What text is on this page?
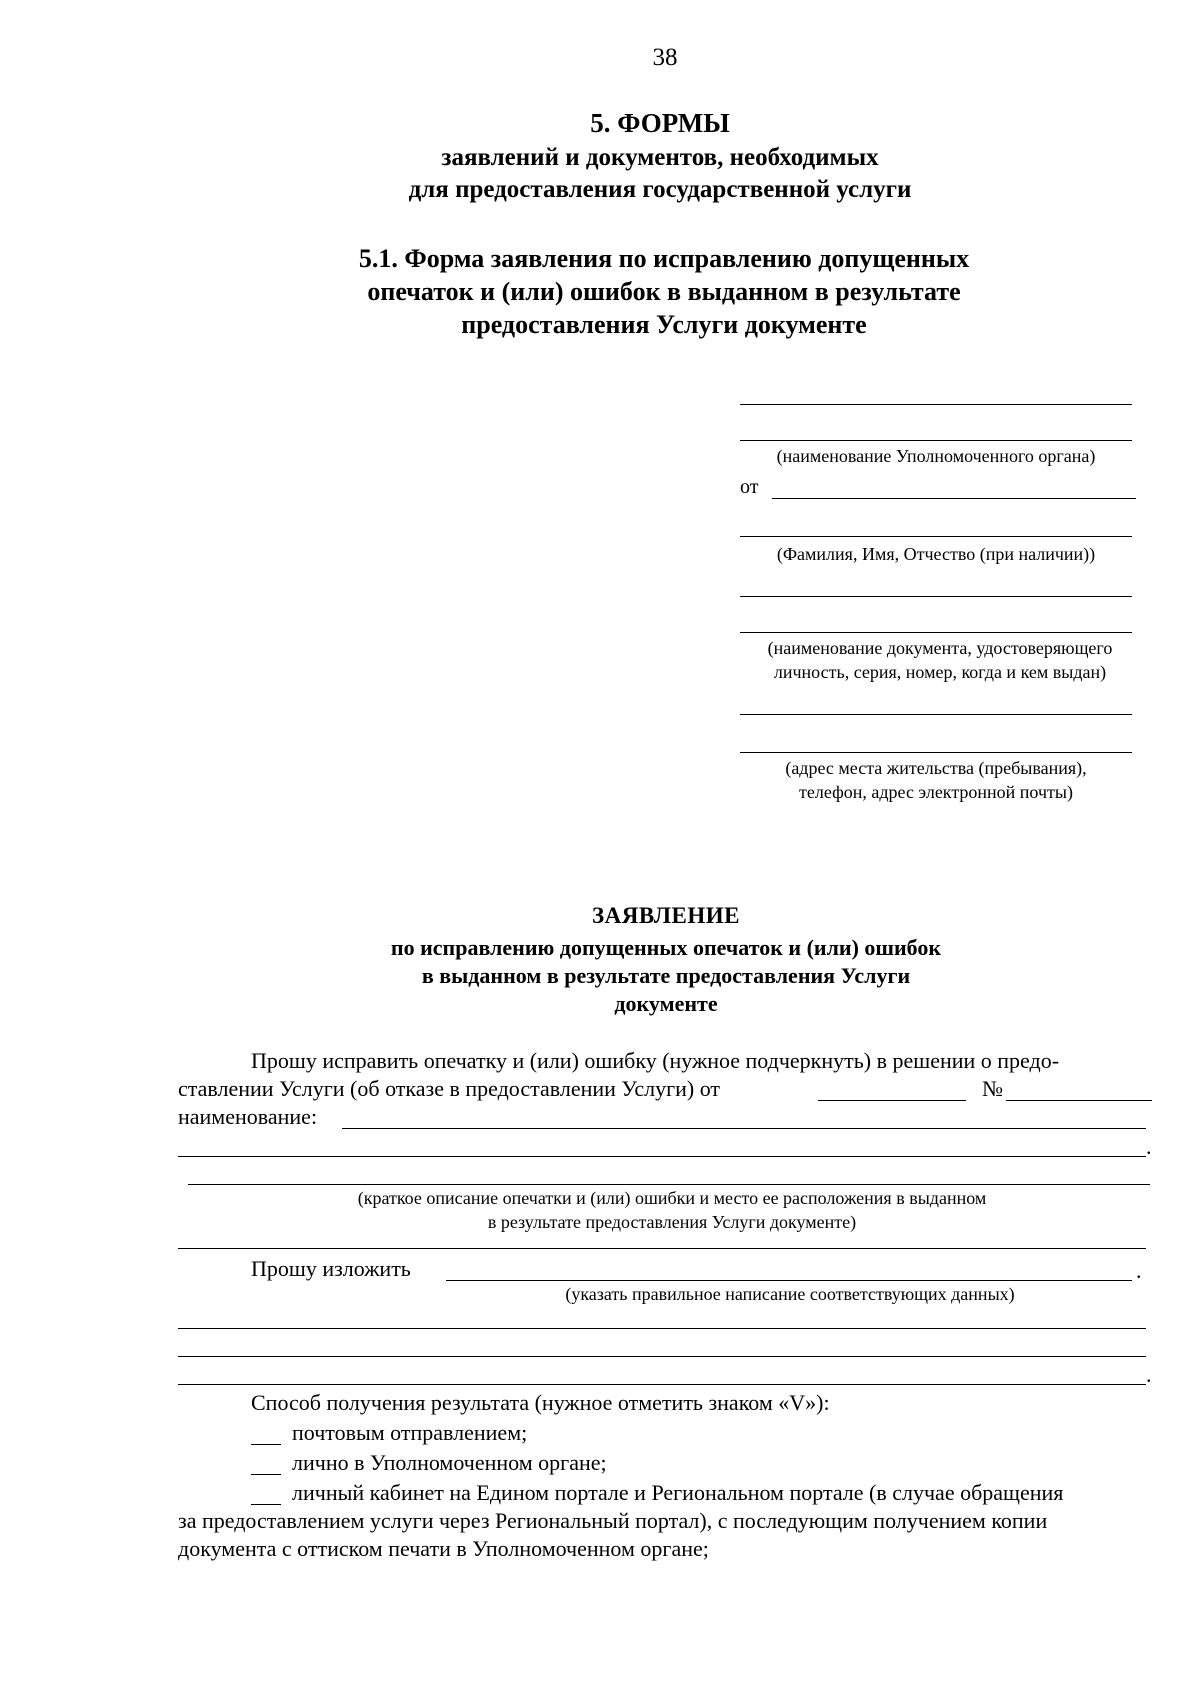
38
5. ФОРМЫ
заявлений и документов, необходимых
для предоставления государственной услуги
5.1. Форма заявления по исправлению допущенных
опечаток и (или) ошибок в выданном в результате
предоставления Услуги документе
(наименование Уполномоченного органа)
от
(Фамилия, Имя, Отчество (при наличии))
(наименование документа, удостоверяющего
личность, серия, номер, когда и кем выдан)
(адрес места жительства (пребывания),
телефон, адрес электронной почты)
ЗАЯВЛЕНИЕ
по исправлению допущенных опечаток и (или) ошибок
в выданном в результате предоставления Услуги
документе
Прошу исправить опечатку и (или) ошибку (нужное подчеркнуть) в решении о предо-
ставлении Услуги (об отказе в предоставлении Услуги) от	№
наименование:
.
(краткое описание опечатки и (или) ошибки и место ее расположения в выданном
в результате предоставления Услуги документе)
Прошу изложить	.
(указать правильное написание соответствующих данных)
.
Способ получения результата (нужное отметить знаком «V»):
почтовым отправлением;
лично в Уполномоченном органе;
личный кабинет на Едином портале и Региональном портале (в случае обращения
за предоставлением услуги через Региональный портал), с последующим получением копии
документа с оттиском печати в Уполномоченном органе;
